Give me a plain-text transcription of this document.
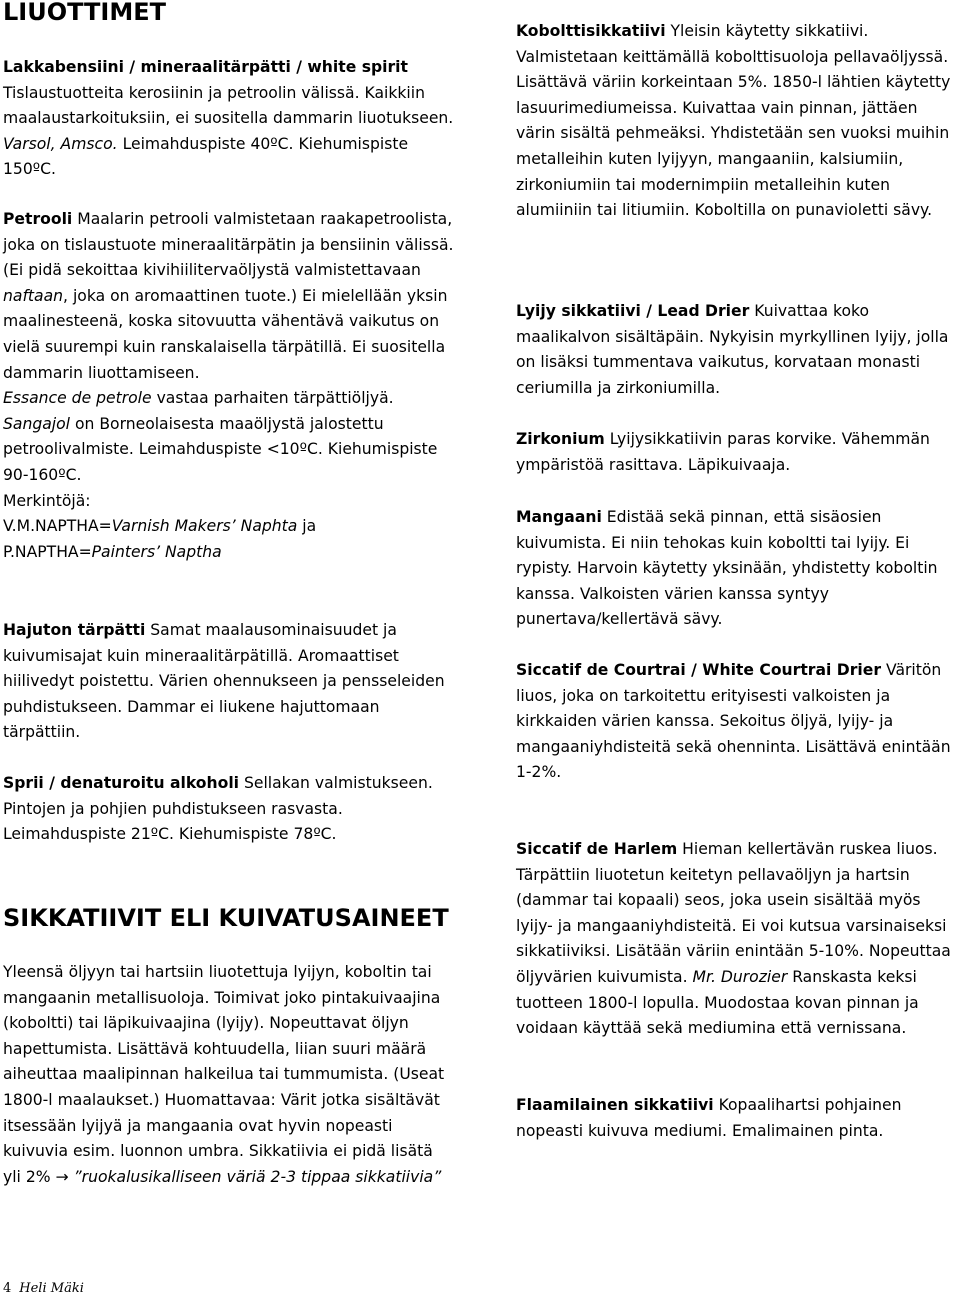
LIUOTTIMET

Lakkabensiini / mineraalitärpätti / white spirit
Tislaustuotteita kerosiinin ja petroolin välissä. Kaikkiin maalaustarkoituksiin, ei suositella dammarin liuotukseen. Varsol, Amsco. Leimahduspiste 40ºC. Kiehumispiste 150ºC.

Petrooli Maalarin petrooli valmistetaan raakapetroolista, joka on tislaustuote mineraalitärpätin ja bensiinin välissä. (Ei pidä sekoittaa kivihiilitervaöljystä valmistettavaan naftaan, joka on aromaattinen tuote.) Ei mielellään yksin maalinesteenä, koska sitovuutta vähentävä vaikutus on vielä suurempi kuin ranskalaisella tärpätillä. Ei suositella dammarin liuottamiseen.
Essance de petrole vastaa parhaiten tärpättiöljyä.
Sangajol on Borneolaisesta maaöljystä jalostettu petroolivalmiste. Leimahduspiste <10ºC. Kiehumispiste 90-160ºC.
Merkintöjä:
V.M.NAPTHA=Varnish Makers’ Naphta ja
P.NAPTHA=Painters’ Naptha

Hajuton tärpätti Samat maalausominaisuudet ja kuivumisajat kuin mineraalitärpätillä. Aromaattiset hiilivedyt poistettu. Värien ohennukseen ja pensseleiden puhdistukseen. Dammar ei liukene hajuttomaan tärpättiin.

Sprii / denaturoitu alkoholi Sellakan valmistukseen. Pintojen ja pohjien puhdistukseen rasvasta. Leimahduspiste 21ºC. Kiehumispiste 78ºC.

SIKKATIIVIT ELI KUIVATUSAINEET

Yleensä öljyyn tai hartsiin liuotettuja lyijyn, koboltin tai mangaanin metallisuoloja. Toimivat joko pintakuivaajina (koboltti) tai läpikuivaajina (lyijy). Nopeuttavat öljyn hapettumista. Lisättävä kohtuudella, liian suuri määrä aiheuttaa maalipinnan halkeilua tai tummumista. (Useat 1800-l maalaukset.) Huomattavaa: Värit jotka sisältävät itsessään lyijyä ja mangaania ovat hyvin nopeasti kuivuvia esim. luonnon umbra. Sikkatiivia ei pidä lisätä yli 2% → ”ruokalusikalliseen väriä 2-3 tippaa sikkatiivia”

Kobolttisikkatiivi Yleisin käytetty sikkatiivi. Valmistetaan keittämällä kobolttisuoloja pellavaöljyssä. Lisättävä väriin korkeintaan 5%. 1850-l lähtien käytetty lasuurimediumeissa. Kuivattaa vain pinnan, jättäen värin sisältä pehmeäksi. Yhdistetään sen vuoksi muihin metalleihin kuten lyijyyn, mangaaniin, kalsiumiin, zirkoniumiin tai modernimpiin metalleihin kuten alumiiniin tai litiumiin. Koboltilla on punavioletti sävy.

Lyijy sikkatiivi / Lead Drier Kuivattaa koko maalikalvon sisältäpäin. Nykyisin myrkyllinen lyijy, jolla on lisäksi tummentava vaikutus, korvataan monasti ceriumilla ja zirkoniumilla.

Zirkonium Lyijysikkatiivin paras korvike. Vähemmän ympäristöä rasittava. Läpikuivaaja.

Mangaani Edistää sekä pinnan, että sisäosien kuivumista. Ei niin tehokas kuin koboltti tai lyijy. Ei rypisty. Harvoin käytetty yksinään, yhdistetty koboltin kanssa. Valkoisten värien kanssa syntyy punertava/kellertävä sävy.

Siccatif de Courtrai / White Courtrai Drier Väritön liuos, joka on tarkoitettu erityisesti valkoisten ja kirkkaiden värien kanssa. Sekoitus öljyä, lyijy- ja mangaaniyhdisteitä sekä ohenninta. Lisättävä enintään 1-2%.

Siccatif de Harlem Hieman kellertävän ruskea liuos. Tärpättiin liuotetun keitetyn pellavaöljyn ja hartsin (dammar tai kopaali) seos, joka usein sisältää myös lyijy- ja mangaaniyhdisteitä. Ei voi kutsua varsinaiseksi sikkatiiviksi. Lisätään väriin enintään 5-10%. Nopeuttaa öljyvärien kuivumista. Mr. Durozier Ranskasta keksi tuotteen 1800-l lopulla. Muodostaa kovan pinnan ja voidaan käyttää sekä mediumina että vernissana.

Flaamilainen sikkatiivi Kopaalihartsi pohjainen nopeasti kuivuva mediumi. Emalimainen pinta.

4 Heli Mäki
